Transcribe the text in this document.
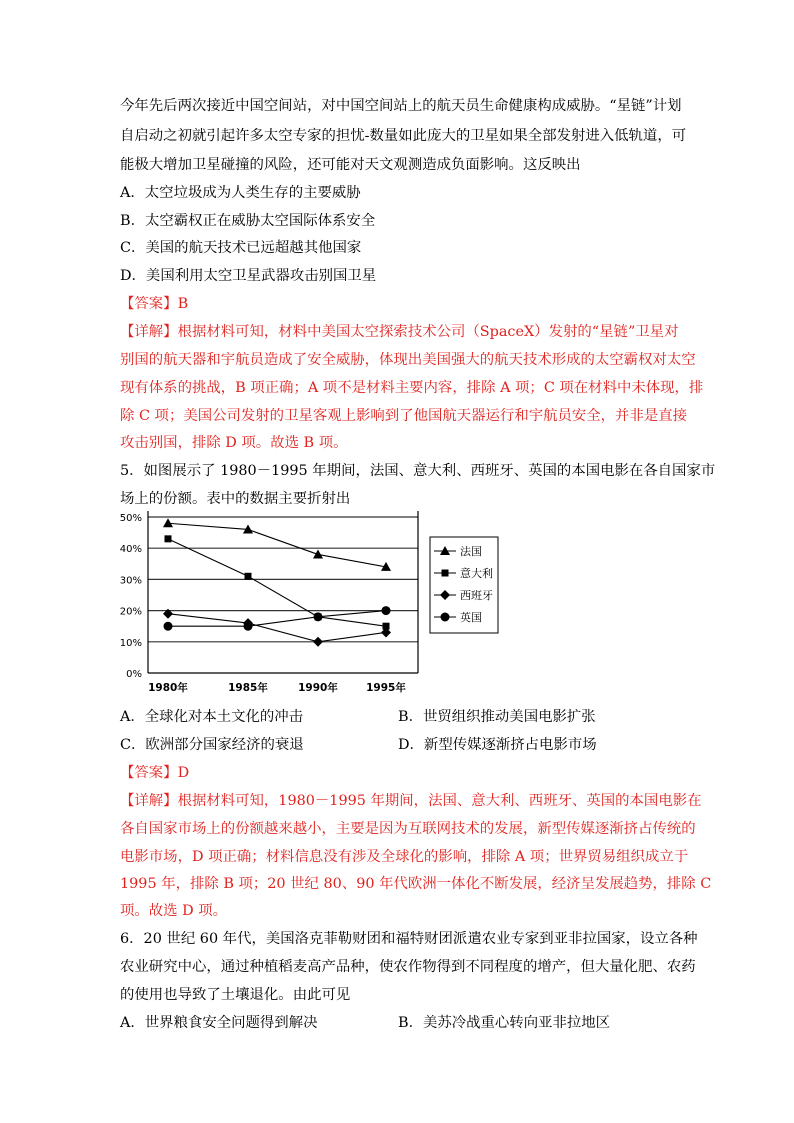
今年先后两次接近中国空间站，对中国空间站上的航天员生命健康构成威胁。“星链”计划
自启动之初就引起许多太空专家的担忧-数量如此庞大的卫星如果全部发射进入低轨道，可
能极大增加卫星碰撞的风险，还可能对天文观测造成负面影响。这反映出
A．太空垃圾成为人类生存的主要威胁
B．太空霸权正在威胁太空国际体系安全
C．美国的航天技术已远超越其他国家
D．美国利用太空卫星武器攻击别国卫星
【答案】B
【详解】根据材料可知，材料中美国太空探索技术公司（SpaceX）发射的“星链”卫星对
别国的航天器和宇航员造成了安全威胁，体现出美国强大的航天技术形成的太空霸权对太空
现有体系的挑战，B 项正确；A 项不是材料主要内容，排除 A 项；C 项在材料中未体现，排
除 C 项；美国公司发射的卫星客观上影响到了他国航天器运行和宇航员安全，并非是直接
攻击别国，排除 D 项。故选 B 项。
5．如图展示了 1980－1995 年期间，法国、意大利、西班牙、英国的本国电影在各自国家市
场上的份额。表中的数据主要折射出
0%
10%
20%
30%
40%
50%
1980年	1985年	1990年	1995年
法国
意大利
西班牙
英国
A．全球化对本土文化的冲击	B．世贸组织推动美国电影扩张
C．欧洲部分国家经济的衰退	D．新型传媒逐渐挤占电影市场
【答案】D
【详解】根据材料可知，1980－1995 年期间，法国、意大利、西班牙、英国的本国电影在
各自国家市场上的份额越来越小，主要是因为互联网技术的发展，新型传媒逐渐挤占传统的
电影市场，D 项正确；材料信息没有涉及全球化的影响，排除 A 项；世界贸易组织成立于
1995 年，排除 B 项；20 世纪 80、90 年代欧洲一体化不断发展，经济呈发展趋势，排除 C
项。故选 D 项。
6．20 世纪 60 年代，美国洛克菲勒财团和福特财团派遣农业专家到亚非拉国家，设立各种
农业研究中心，通过种植稻麦高产品种，使农作物得到不同程度的增产，但大量化肥、农药
的使用也导致了土壤退化。由此可见
A．世界粮食安全问题得到解决	B．美苏冷战重心转向亚非拉地区
